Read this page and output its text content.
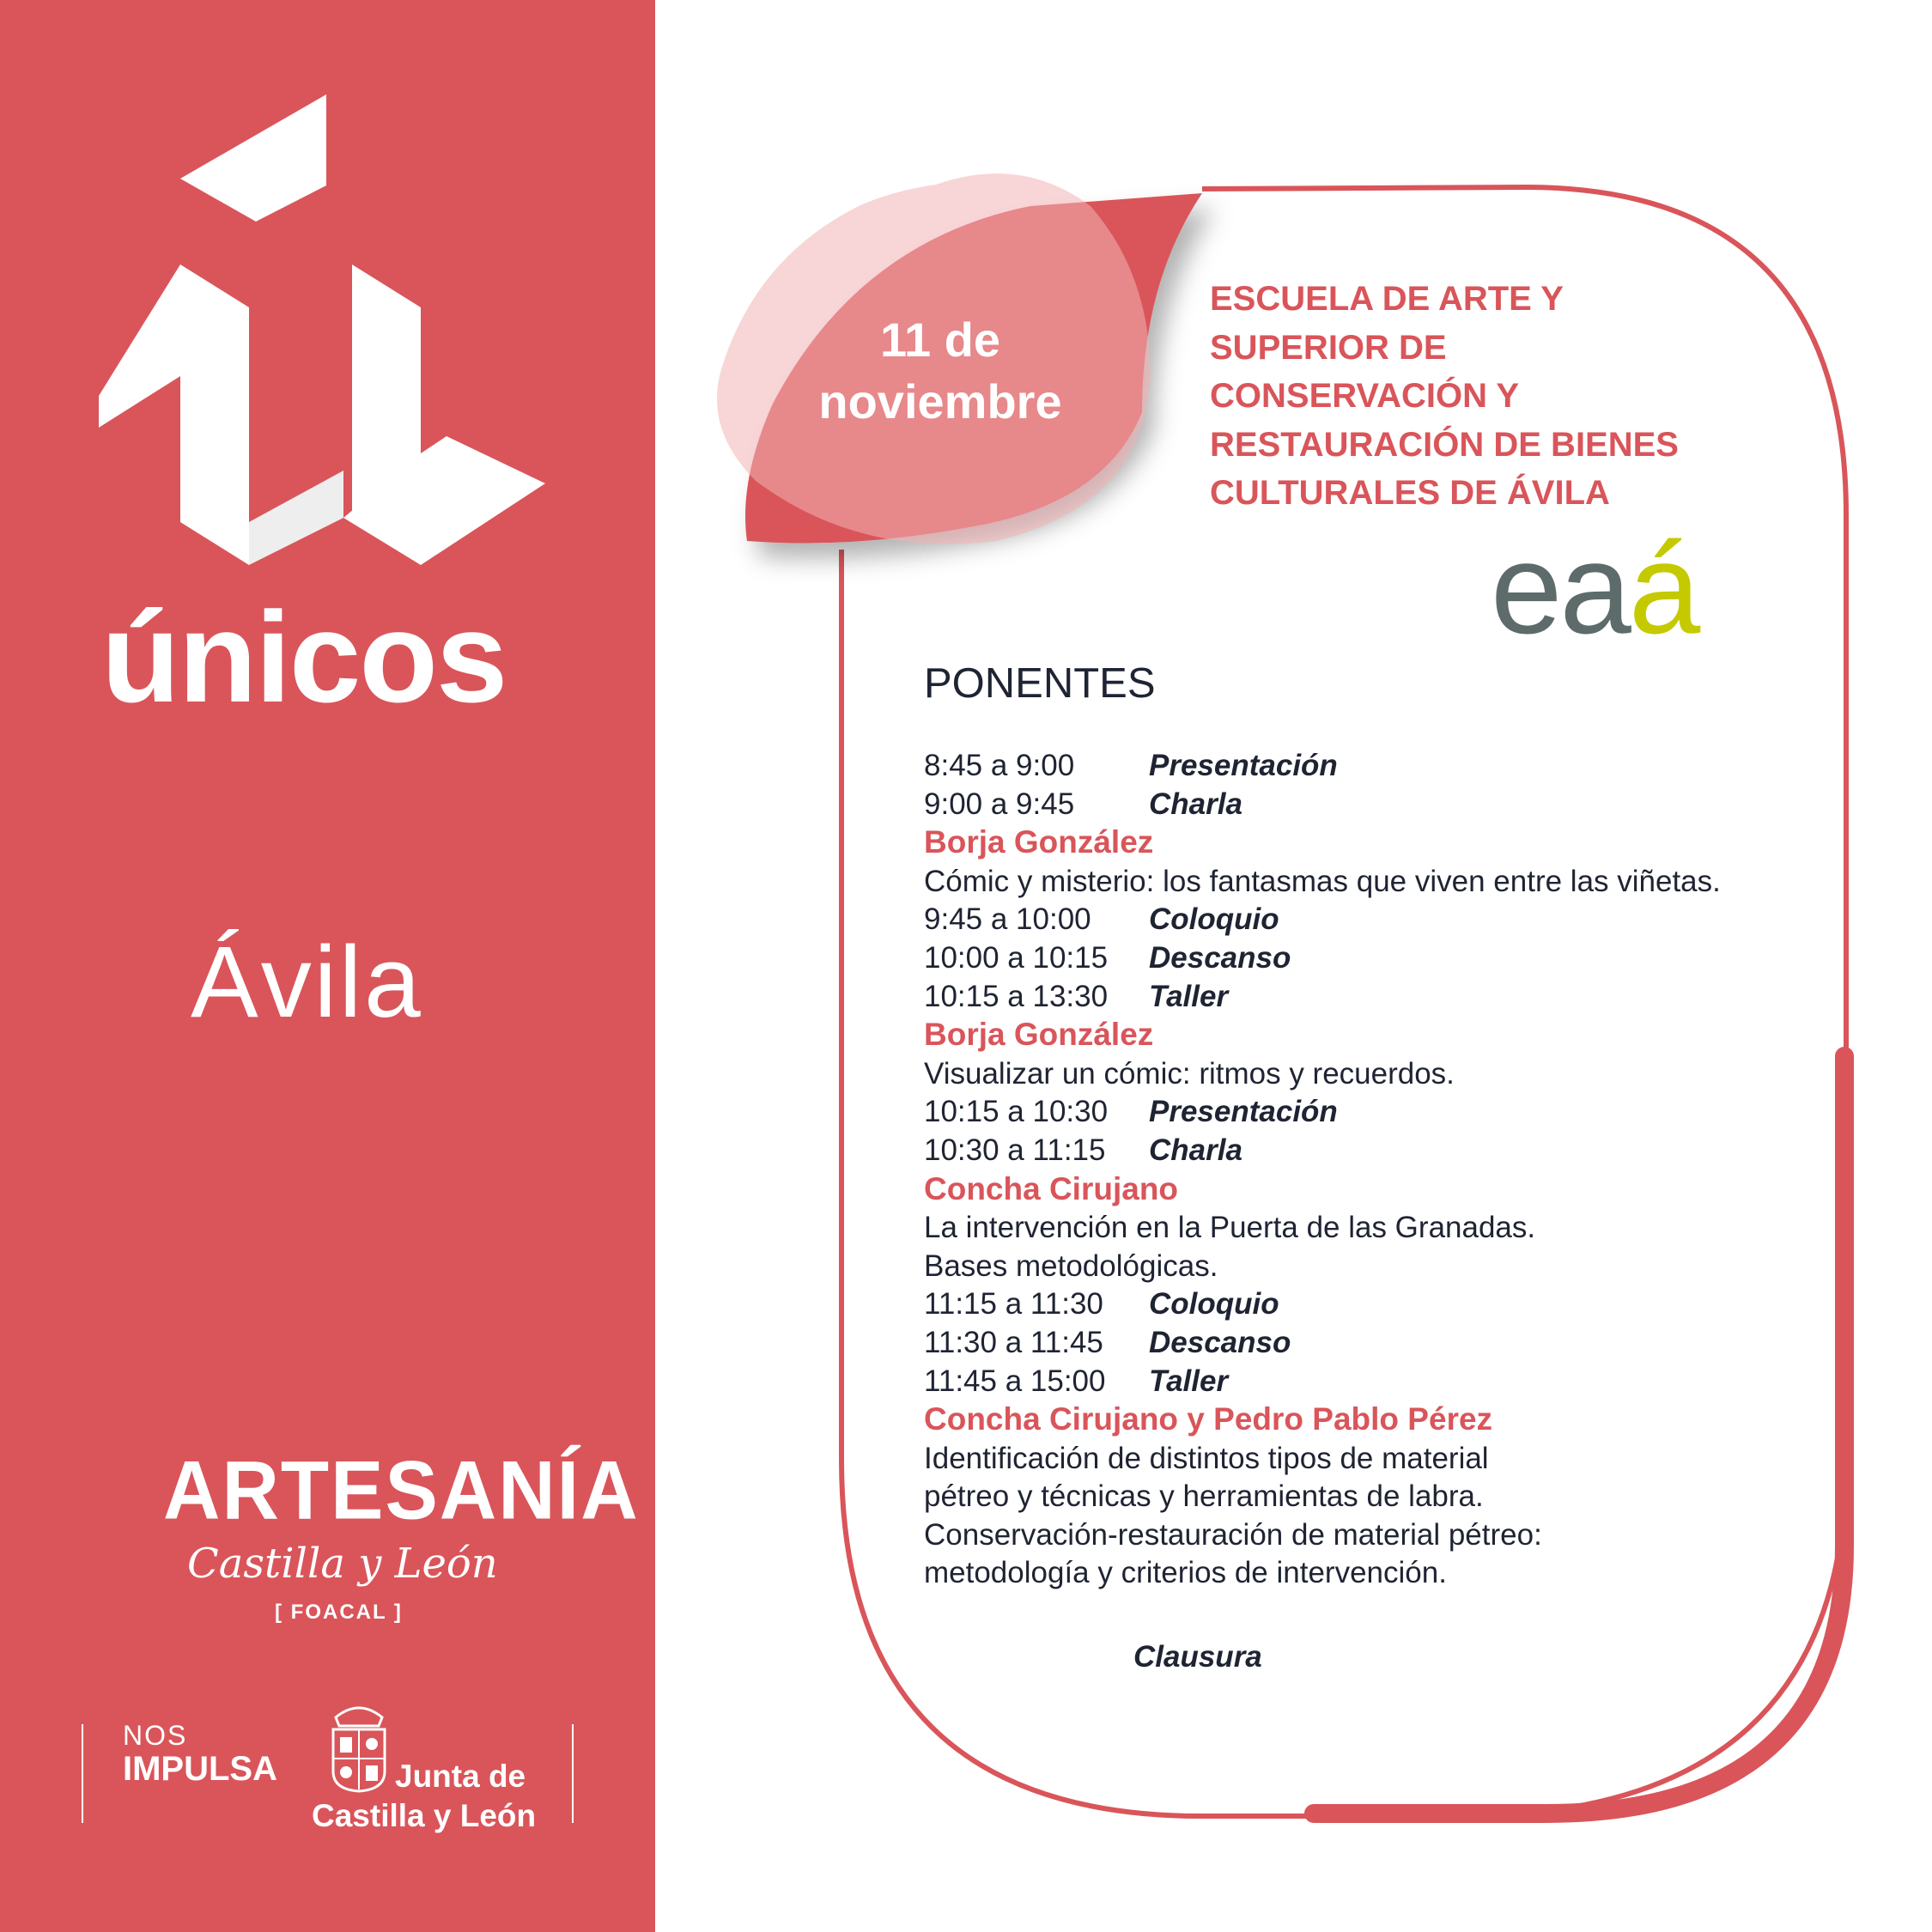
únicos
Ávila
ARTESANÍA
Castilla y León
[ FOACAL ]
NOS
IMPULSA	Junta de
Castilla y León
11 de
noviembre
ESCUELA DE ARTE Y
SUPERIOR DE
CONSERVACIÓN Y
RESTAURACIÓN DE BIENES
CULTURALES DE ÁVILA
eaá
PONENTES
8:45 a 9:00 Presentación
9:00 a 9:45 Charla
Borja González
Cómic y misterio: los fantasmas que viven entre las viñetas.
9:45 a 10:00 Coloquio
10:00 a 10:15 Descanso
10:15 a 13:30 Taller
Borja González
Visualizar un cómic: ritmos y recuerdos.
10:15 a 10:30 Presentación
10:30 a 11:15 Charla
Concha Cirujano
La intervención en la Puerta de las Granadas.
Bases metodológicas.
11:15 a 11:30 Coloquio
11:30 a 11:45 Descanso
11:45 a 15:00 Taller
Concha Cirujano y Pedro Pablo Pérez
Identificación de distintos tipos de material
pétreo y técnicas y herramientas de labra.
Conservación-restauración de material pétreo:
metodología y criterios de intervención.
Clausura
